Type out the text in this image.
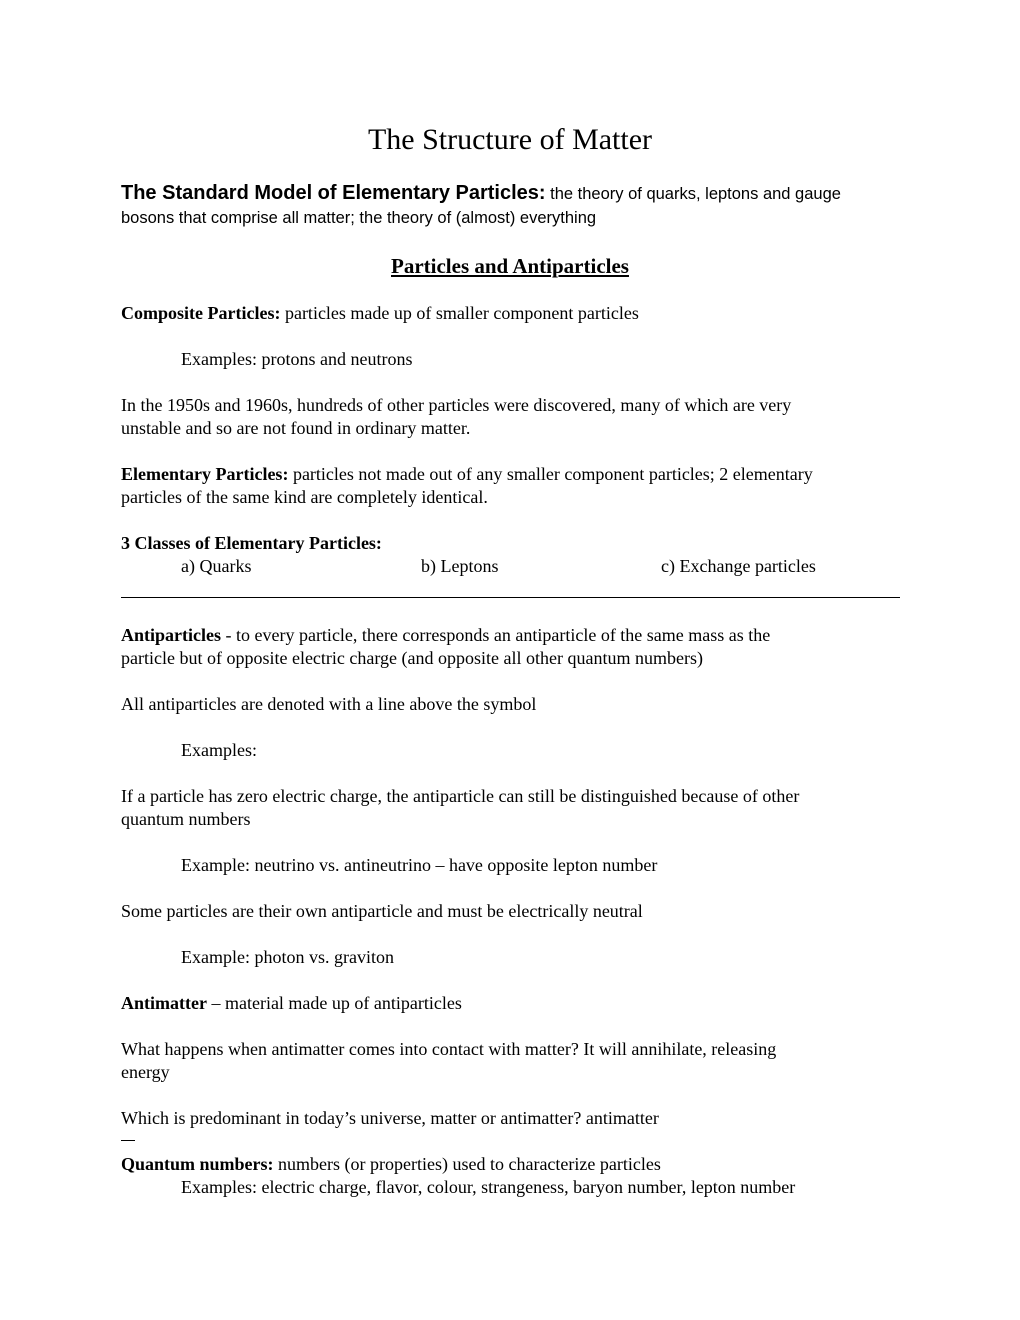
The Structure of Matter
The Standard Model of Elementary Particles: the theory of quarks, leptons and gauge
bosons that comprise all matter; the theory of (almost) everything
Particles and Antiparticles
Composite Particles: particles made up of smaller component particles
Examples: protons and neutrons
In the 1950s and 1960s, hundreds of other particles were discovered, many of which are very
unstable and so are not found in ordinary matter.
Elementary Particles: particles not made out of any smaller component particles; 2 elementary
particles of the same kind are completely identical.
3 Classes of Elementary Particles:
a) Quarks	b) Leptons	c) Exchange particles
Antiparticles - to every particle, there corresponds an antiparticle of the same mass as the
particle but of opposite electric charge (and opposite all other quantum numbers)
All antiparticles are denoted with a line above the symbol
Examples:
If a particle has zero electric charge, the antiparticle can still be distinguished because of other
quantum numbers
Example: neutrino vs. antineutrino – have opposite lepton number
Some particles are their own antiparticle and must be electrically neutral
Example: photon vs. graviton
Antimatter – material made up of antiparticles
What happens when antimatter comes into contact with matter? It will annihilate, releasing
energy
Which is predominant in today’s universe, matter or antimatter? antimatter
Quantum numbers: numbers (or properties) used to characterize particles
Examples: electric charge, flavor, colour, strangeness, baryon number, lepton number
